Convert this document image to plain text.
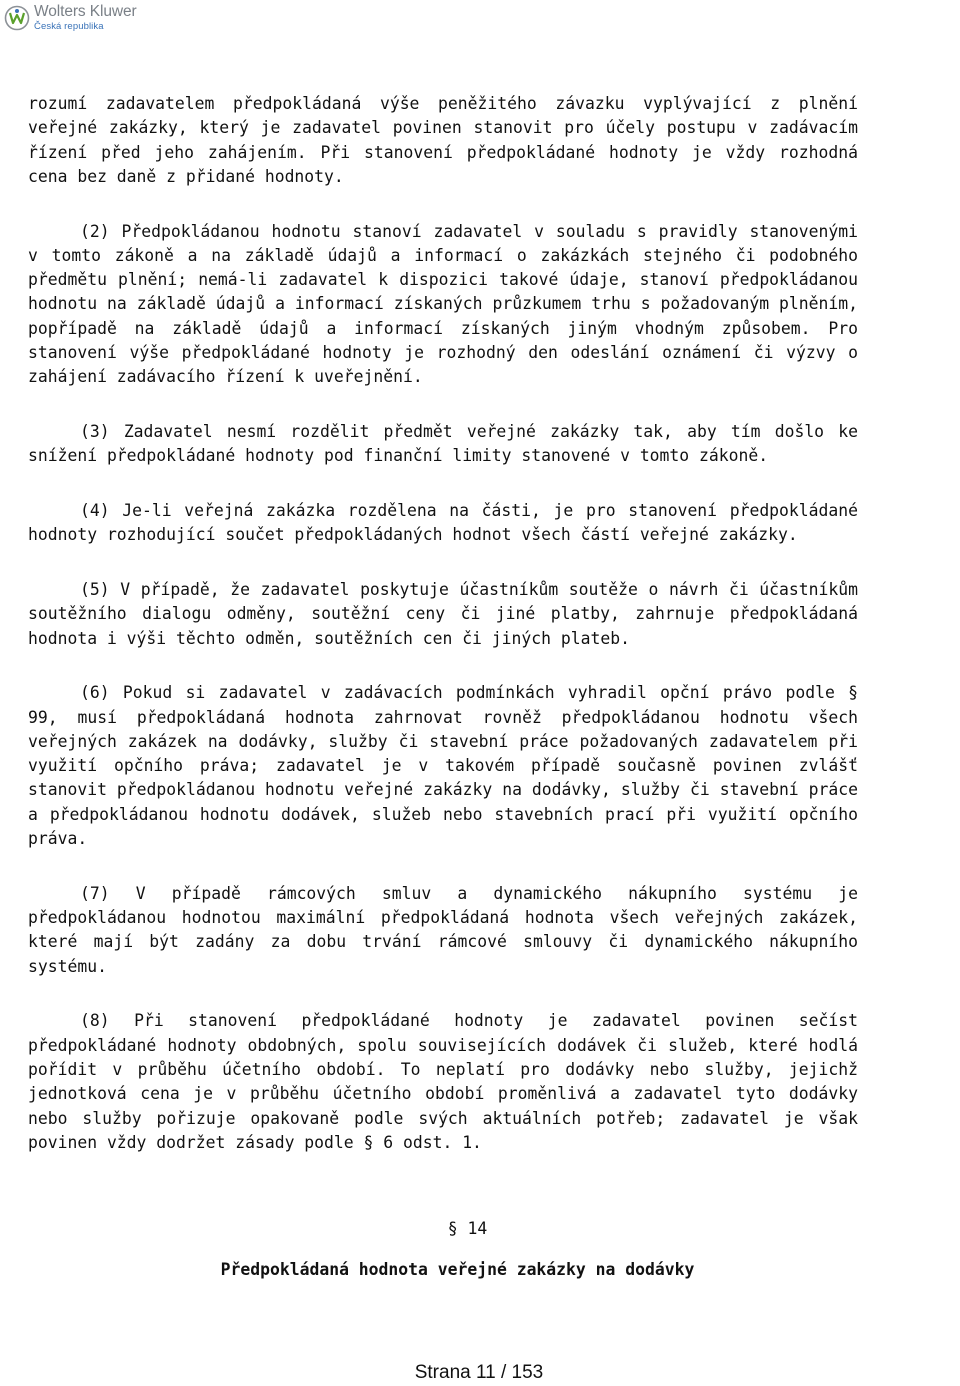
Wolters Kluwer
Česká republika

rozumí zadavatelem předpokládaná výše peněžitého závazku vyplývající z plnění veřejné zakázky, který je zadavatel povinen stanovit pro účely postupu v zadávacím řízení před jeho zahájením. Při stanovení předpokládané hodnoty je vždy rozhodná cena bez daně z přidané hodnoty.

(2) Předpokládanou hodnotu stanoví zadavatel v souladu s pravidly stanovenými v tomto zákoně a na základě údajů a informací o zakázkách stejného či podobného předmětu plnění; nemá-li zadavatel k dispozici takové údaje, stanoví předpokládanou hodnotu na základě údajů a informací získaných průzkumem trhu s požadovaným plněním, popřípadě na základě údajů a informací získaných jiným vhodným způsobem. Pro stanovení výše předpokládané hodnoty je rozhodný den odeslání oznámení či výzvy o zahájení zadávacího řízení k uveřejnění.

(3) Zadavatel nesmí rozdělit předmět veřejné zakázky tak, aby tím došlo ke snížení předpokládané hodnoty pod finanční limity stanovené v tomto zákoně.

(4) Je-li veřejná zakázka rozdělena na části, je pro stanovení předpokládané hodnoty rozhodující součet předpokládaných hodnot všech částí veřejné zakázky.

(5) V případě, že zadavatel poskytuje účastníkům soutěže o návrh či účastníkům soutěžního dialogu odměny, soutěžní ceny či jiné platby, zahrnuje předpokládaná hodnota i výši těchto odměn, soutěžních cen či jiných plateb.

(6) Pokud si zadavatel v zadávacích podmínkách vyhradil opční právo podle § 99, musí předpokládaná hodnota zahrnovat rovněž předpokládanou hodnotu všech veřejných zakázek na dodávky, služby či stavební práce požadovaných zadavatelem při využití opčního práva; zadavatel je v takovém případě současně povinen zvlášť stanovit předpokládanou hodnotu veřejné zakázky na dodávky, služby či stavební práce a předpokládanou hodnotu dodávek, služeb nebo stavebních prací při využití opčního práva.

(7) V případě rámcových smluv a dynamického nákupního systému je předpokládanou hodnotou maximální předpokládaná hodnota všech veřejných zakázek, které mají být zadány za dobu trvání rámcové smlouvy či dynamického nákupního systému.

(8) Při stanovení předpokládané hodnoty je zadavatel povinen sečíst předpokládané hodnoty obdobných, spolu souvisejících dodávek či služeb, které hodlá pořídit v průběhu účetního období. To neplatí pro dodávky nebo služby, jejichž jednotková cena je v průběhu účetního období proměnlivá a zadavatel tyto dodávky nebo služby pořizuje opakovaně podle svých aktuálních potřeb; zadavatel je však povinen vždy dodržet zásady podle § 6 odst. 1.

§ 14
Předpokládaná hodnota veřejné zakázky na dodávky
Strana 11 / 153
